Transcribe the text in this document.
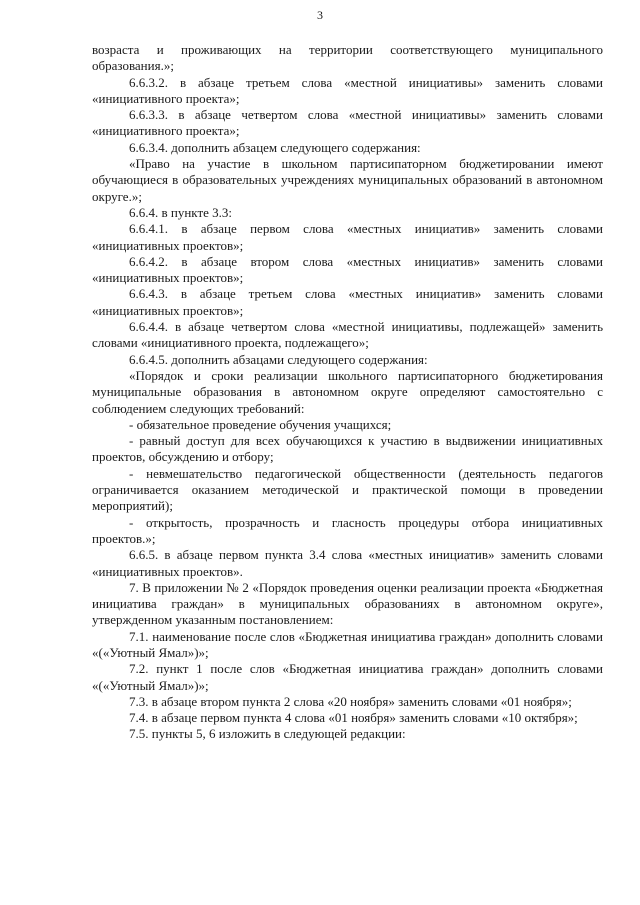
3

возраста и проживающих на территории соответствующего муниципального образования.»;

6.6.3.2. в абзаце третьем слова «местной инициативы» заменить словами «инициативного проекта»;

6.6.3.3. в абзаце четвертом слова «местной инициативы» заменить словами «инициативного проекта»;

6.6.3.4. дополнить абзацем следующего содержания:

«Право на участие в школьном партисипаторном бюджетировании имеют обучающиеся в образовательных учреждениях муниципальных образований в автономном округе.»;

6.6.4. в пункте 3.3:

6.6.4.1. в абзаце первом слова «местных инициатив» заменить словами «инициативных проектов»;

6.6.4.2. в абзаце втором слова «местных инициатив» заменить словами «инициативных проектов»;

6.6.4.3. в абзаце третьем слова «местных инициатив» заменить словами «инициативных проектов»;

6.6.4.4. в абзаце четвертом слова «местной инициативы, подлежащей» заменить словами «инициативного проекта, подлежащего»;

6.6.4.5. дополнить абзацами следующего содержания:

«Порядок и сроки реализации школьного партисипаторного бюджетирования муниципальные образования в автономном округе определяют самостоятельно с соблюдением следующих требований:

- обязательное проведение обучения учащихся;

- равный доступ для всех обучающихся к участию в выдвижении инициативных проектов, обсуждению и отбору;

- невмешательство педагогической общественности (деятельность педагогов ограничивается оказанием методической и практической помощи в проведении мероприятий);

- открытость, прозрачность и гласность процедуры отбора инициативных проектов.»;

6.6.5. в абзаце первом пункта 3.4 слова «местных инициатив» заменить словами «инициативных проектов».

7. В приложении № 2 «Порядок проведения оценки реализации проекта «Бюджетная инициатива граждан» в муниципальных образованиях в автономном округе», утвержденном указанным постановлением:

7.1. наименование после слов «Бюджетная инициатива граждан» дополнить словами «(«Уютный Ямал»)»;

7.2. пункт 1 после слов «Бюджетная инициатива граждан» дополнить словами «(«Уютный Ямал»)»;

7.3. в абзаце втором пункта 2 слова «20 ноября» заменить словами «01 ноября»;

7.4. в абзаце первом пункта 4 слова «01 ноября» заменить словами «10 октября»;

7.5. пункты 5, 6 изложить в следующей редакции:
